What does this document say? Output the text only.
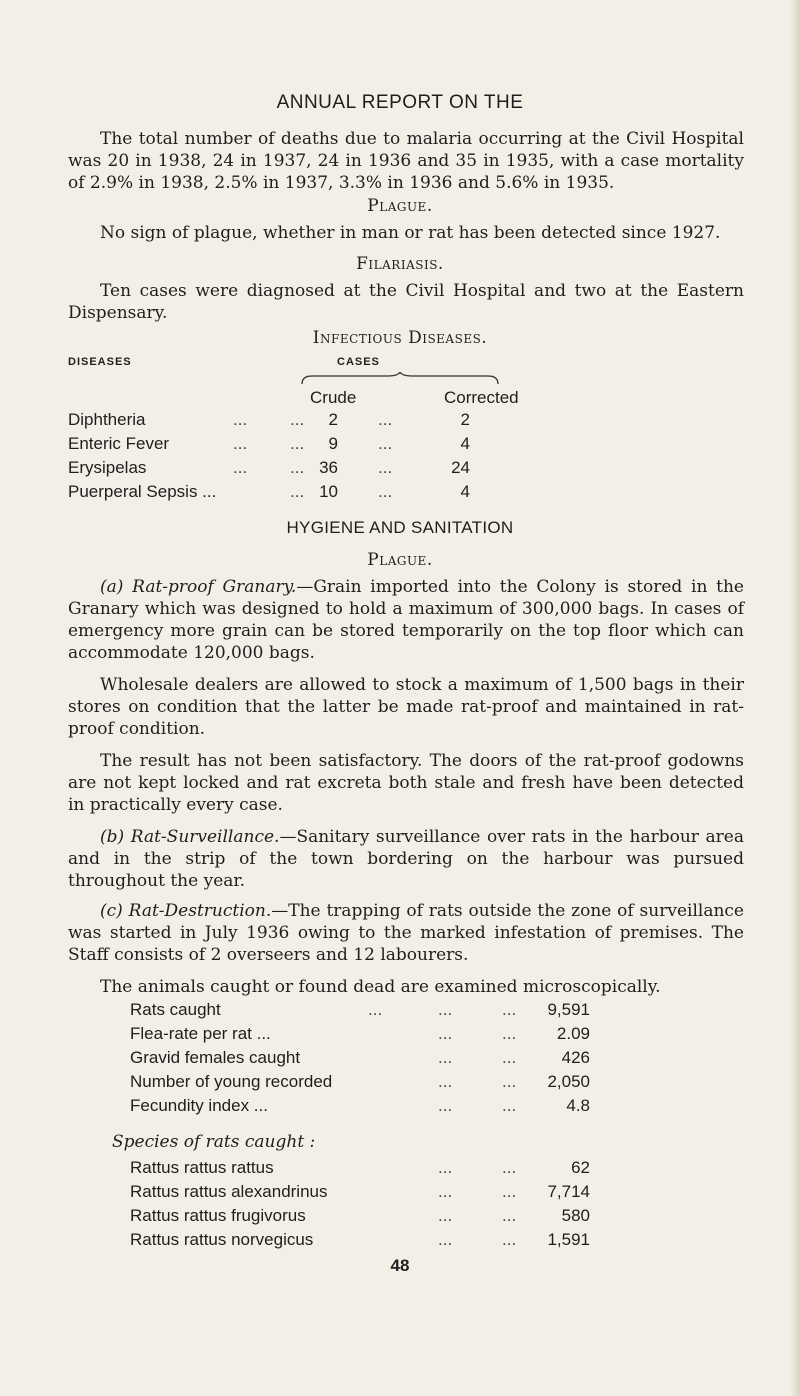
ANNUAL REPORT ON THE

The total number of deaths due to malaria occurring at the Civil Hospital was 20 in 1938, 24 in 1937, 24 in 1936 and 35 in 1935, with a case mortality of 2.9% in 1938, 2.5% in 1937, 3.3% in 1936 and 5.6% in 1935.

Plague.

No sign of plague, whether in man or rat has been detected since 1927.

Filariasis.

Ten cases were diagnosed at the Civil Hospital and two at the Eastern Dispensary.

Infectious Diseases.
DISEASES	CASES
Crude	Corrected
Diphtheria	...	...	2 ...	2
Enteric Fever	...	...	9 ...	4
Erysipelas	...	... 36 ...	24
Puerperal Sepsis ...	... 10 ...	4
HYGIENE AND SANITATION
Plague.

(a) Rat-proof Granary.—Grain imported into the Colony is stored in the Granary which was designed to hold a maximum of 300,000 bags. In cases of emergency more grain can be stored temporarily on the top floor which can accommodate 120,000 bags.

Wholesale dealers are allowed to stock a maximum of 1,500 bags in their stores on condition that the latter be made rat-proof and maintained in rat-proof condition.

The result has not been satisfactory. The doors of the rat-proof godowns are not kept locked and rat excreta both stale and fresh have been detected in practically every case.

(b) Rat-Surveillance.—Sanitary surveillance over rats in the harbour area and in the strip of the town bordering on the harbour was pursued throughout the year.

(c) Rat-Destruction.—The trapping of rats outside the zone of surveillance was started in July 1936 owing to the marked infestation of premises. The Staff consists of 2 overseers and 12 labourers.

The animals caught or found dead are examined microscopically.

Rats caught	...	...	...	9,591
Flea-rate per rat ...	...	...	2.09
Gravid females caught	...	...	426
Number of young recorded	...	...	2,050
Fecundity index ...	...	...	4.8
Species of rats caught :
Rattus rattus rattus	...	...	62
Rattus rattus alexandrinus	...	...	7,714
Rattus rattus frugivorus	...	...	580
Rattus rattus norvegicus	...	...	1,591
48
